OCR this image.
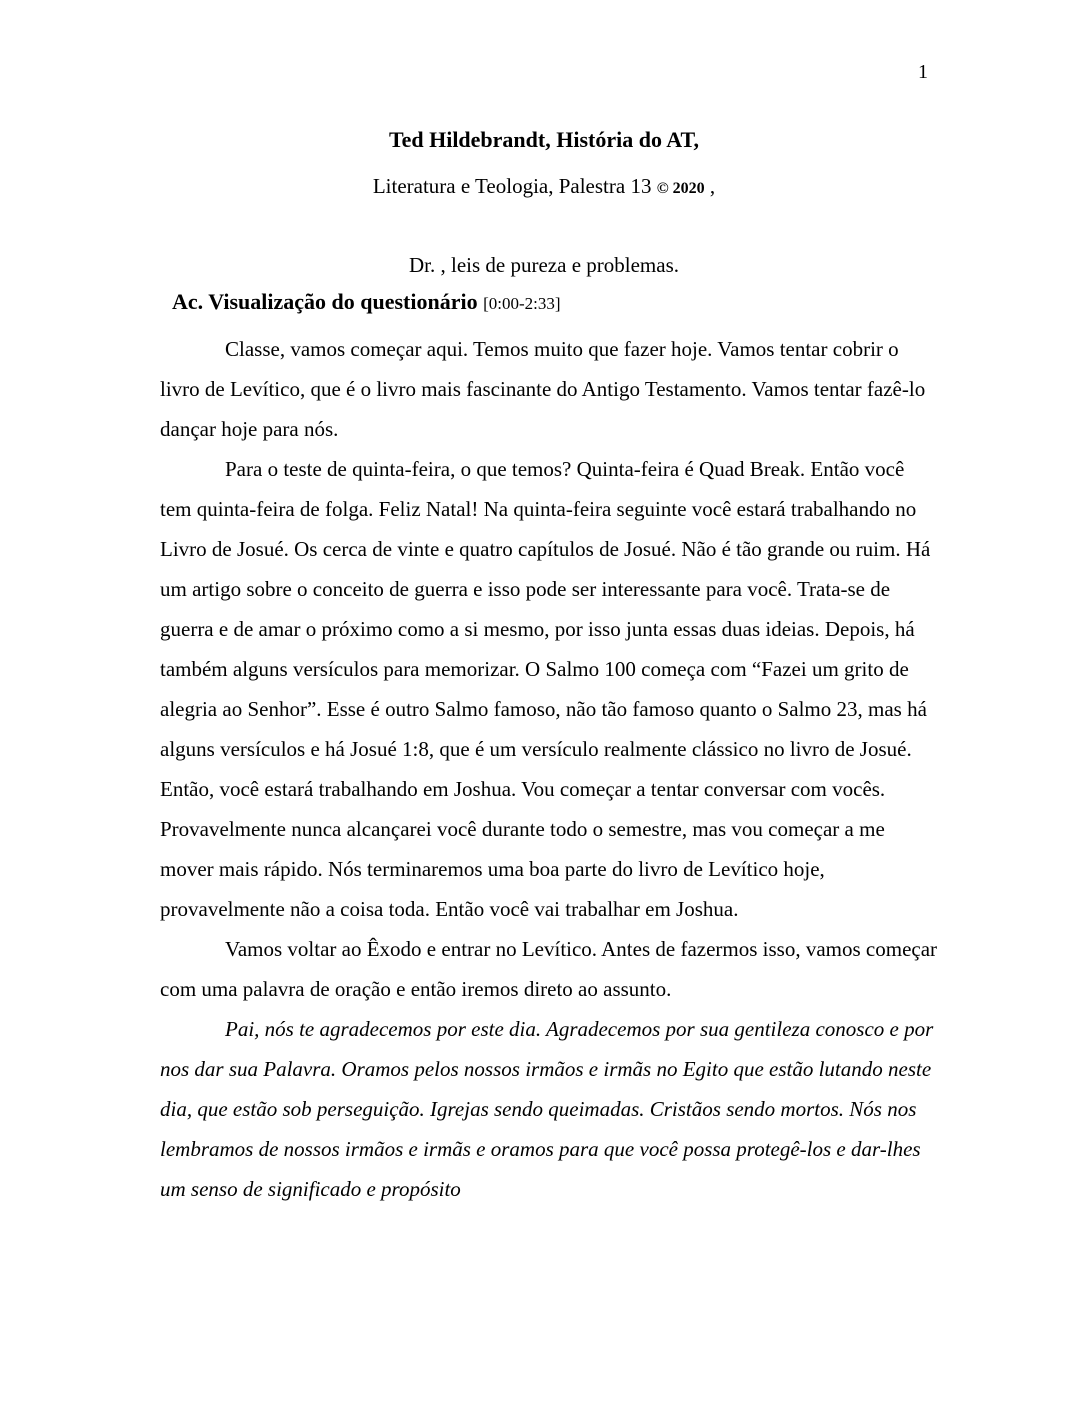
1
Ted Hildebrandt, História do AT,
Literatura e Teologia, Palestra 13 © 2020 ,
Dr. , leis de pureza e problemas.
Ac. Visualização do questionário [0:00-2:33]

Classe, vamos começar aqui. Temos muito que fazer hoje. Vamos tentar cobrir o livro de Levítico, que é o livro mais fascinante do Antigo Testamento. Vamos tentar fazê-lo dançar hoje para nós.

Para o teste de quinta-feira, o que temos? Quinta-feira é Quad Break. Então você tem quinta-feira de folga. Feliz Natal! Na quinta-feira seguinte você estará trabalhando no Livro de Josué. Os cerca de vinte e quatro capítulos de Josué. Não é tão grande ou ruim. Há um artigo sobre o conceito de guerra e isso pode ser interessante para você. Trata-se de guerra e de amar o próximo como a si mesmo, por isso junta essas duas ideias. Depois, há também alguns versículos para memorizar. O Salmo 100 começa com “Fazei um grito de alegria ao Senhor”. Esse é outro Salmo famoso, não tão famoso quanto o Salmo 23, mas há alguns versículos e há Josué 1:8, que é um versículo realmente clássico no livro de Josué. Então, você estará trabalhando em Joshua. Vou começar a tentar conversar com vocês. Provavelmente nunca alcançarei você durante todo o semestre, mas vou começar a me mover mais rápido. Nós terminaremos uma boa parte do livro de Levítico hoje, provavelmente não a coisa toda. Então você vai trabalhar em Joshua.

Vamos voltar ao Êxodo e entrar no Levítico. Antes de fazermos isso, vamos começar com uma palavra de oração e então iremos direto ao assunto.

Pai, nós te agradecemos por este dia. Agradecemos por sua gentileza conosco e por nos dar sua Palavra. Oramos pelos nossos irmãos e irmãs no Egito que estão lutando neste dia, que estão sob perseguição. Igrejas sendo queimadas. Cristãos sendo mortos. Nós nos lembramos de nossos irmãos e irmãs e oramos para que você possa protegê-los e dar-lhes um senso de significado e propósito
